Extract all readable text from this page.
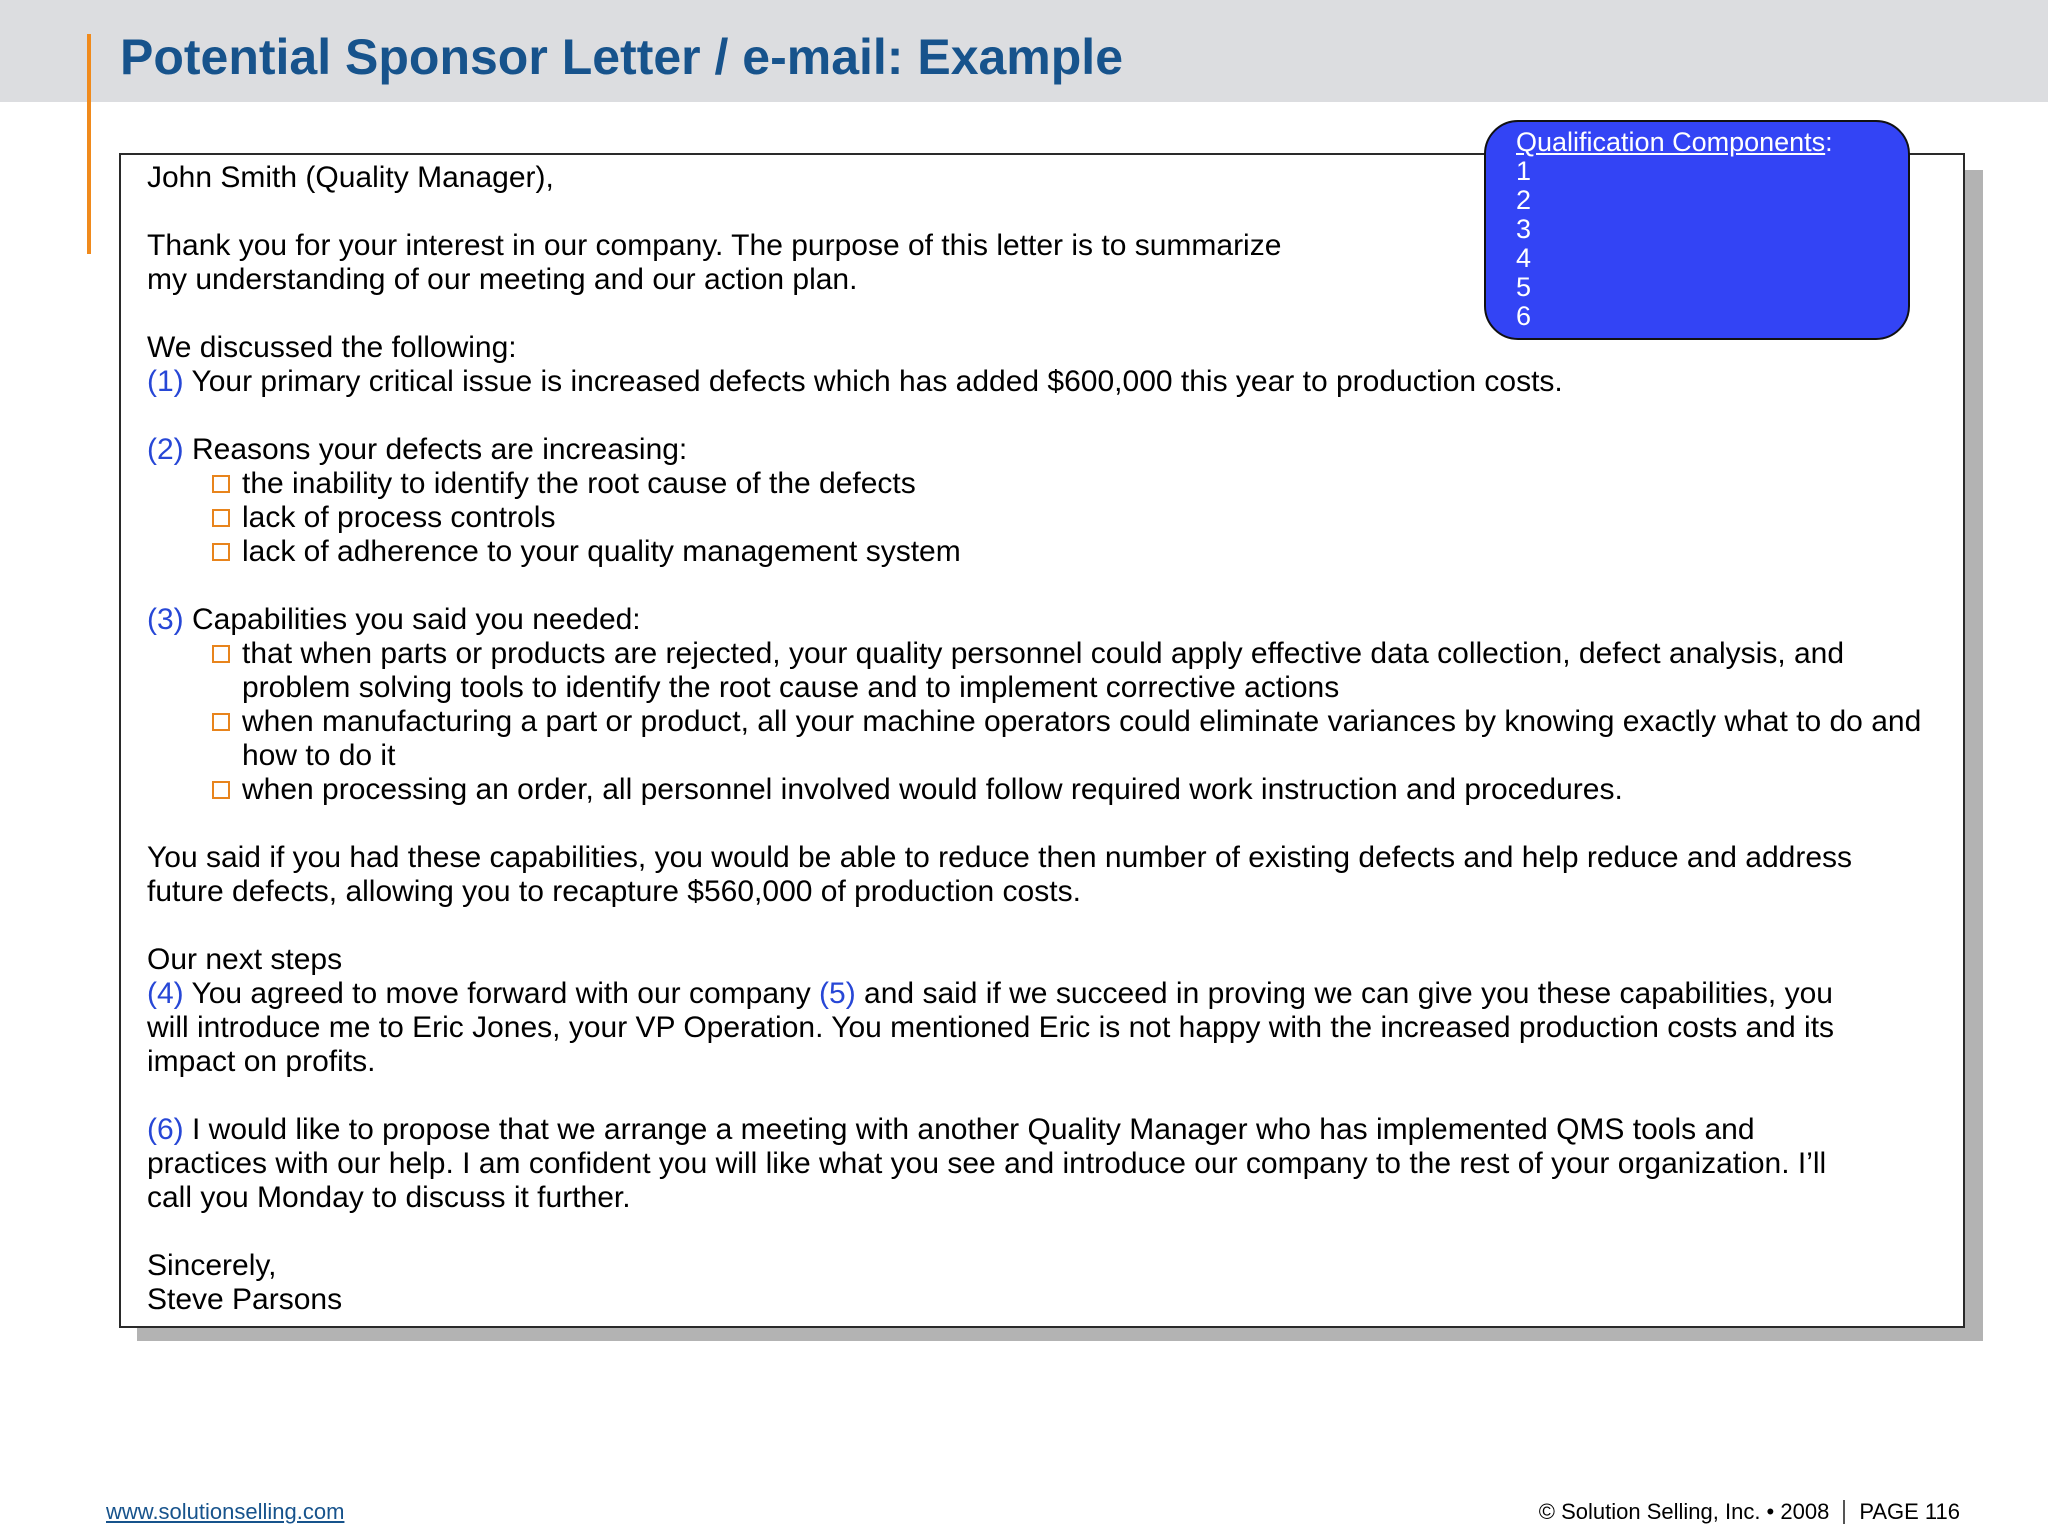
Potential Sponsor Letter / e-mail: Example

John Smith (Quality Manager),

Thank you for your interest in our company. The purpose of this letter is to summarize

my understanding of our meeting and our action plan.

We discussed the following:

(1) Your primary critical issue is increased defects which has added $600,000 this year to production costs.

(2) Reasons your defects are increasing:

the inability to identify the root cause of the defects
lack of process controls
lack of adherence to your quality management system

(3) Capabilities you said you needed:

that when parts or products are rejected, your quality personnel could apply effective data collection, defect analysis, and problem solving tools to identify the root cause and to implement corrective actions
when manufacturing a part or product, all your machine operators could eliminate variances by knowing exactly what to do and how to do it
when processing an order, all personnel involved would follow required work instruction and procedures.

You said if you had these capabilities, you would be able to reduce then number of existing defects and help reduce and address

future defects, allowing you to recapture $560,000 of production costs.

Our next steps

(4) You agreed to move forward with our company (5) and said if we succeed in proving we can give you these capabilities, you

will introduce me to Eric Jones, your VP Operation. You mentioned Eric is not happy with the increased production costs and its

impact on profits.

(6) I would like to propose that we arrange a meeting with another Quality Manager who has implemented QMS tools and

practices with our help. I am confident you will like what you see and introduce our company to the rest of your organization. I’ll

call you Monday to discuss it further.

Sincerely,

Steve Parsons

Qualification Components:
1
2
3
4
5
6
www.solutionselling.com	© Solution Selling, Inc. • 2008 PAGE 116
